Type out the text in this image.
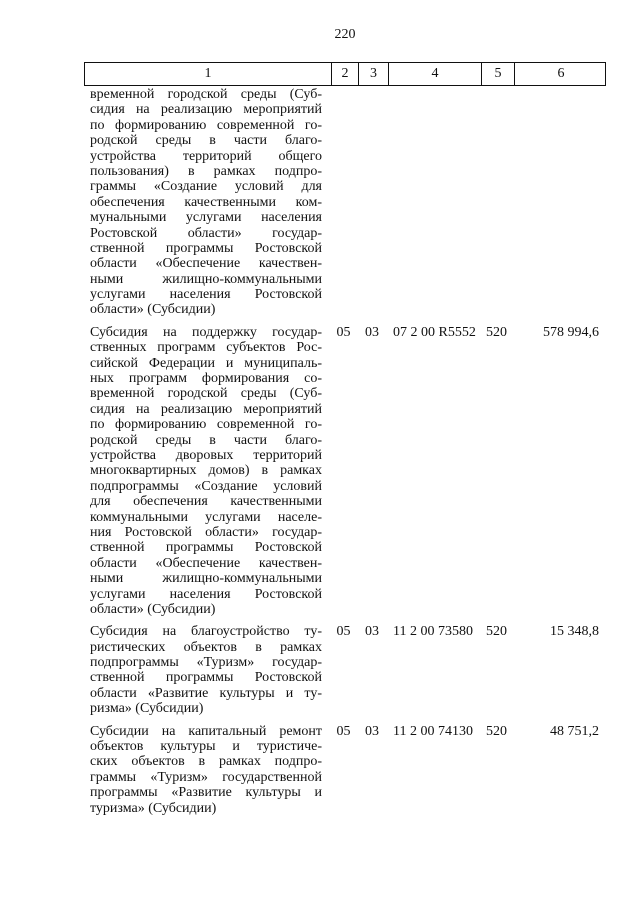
220
1	2	3	4	5	6
временной городской среды (Суб-
сидия на реализацию мероприятий
по формированию современной го-
родской среды в части благо-
устройства территорий общего
пользования) в рамках подпро-
граммы «Создание условий для
обеспечения качественными ком-
мунальными услугами населения
Ростовской области» государ-
ственной программы Ростовской
области «Обеспечение качествен-
ными жилищно-коммунальными
услугами населения Ростовской
области» (Субсидии)
Субсидия на поддержку государ-
ственных программ субъектов Рос-
сийской Федерации и муниципаль-
ных программ формирования со-
временной городской среды (Суб-
сидия на реализацию мероприятий
по формированию современной го-
родской среды в части благо-
устройства дворовых территорий
многоквартирных домов) в рамках
подпрограммы «Создание условий
для обеспечения качественными
коммунальными услугами населе-
ния Ростовской области» государ-
ственной программы Ростовской
области «Обеспечение качествен-
ными жилищно-коммунальными
услугами населения Ростовской
области» (Субсидии)
05	03	07 2 00 R5552 520	578 994,6
Субсидия на благоустройство ту-
ристических объектов в рамках
подпрограммы «Туризм» государ-
ственной программы Ростовской
области «Развитие культуры и ту-
ризма» (Субсидии)
05	03	11 2 00 73580 520	15 348,8
Субсидии на капитальный ремонт
объектов культуры и туристиче-
ских объектов в рамках подпро-
граммы «Туризм» государственной
программы «Развитие культуры и
туризма» (Субсидии)
05	03	11 2 00 74130 520	48 751,2
